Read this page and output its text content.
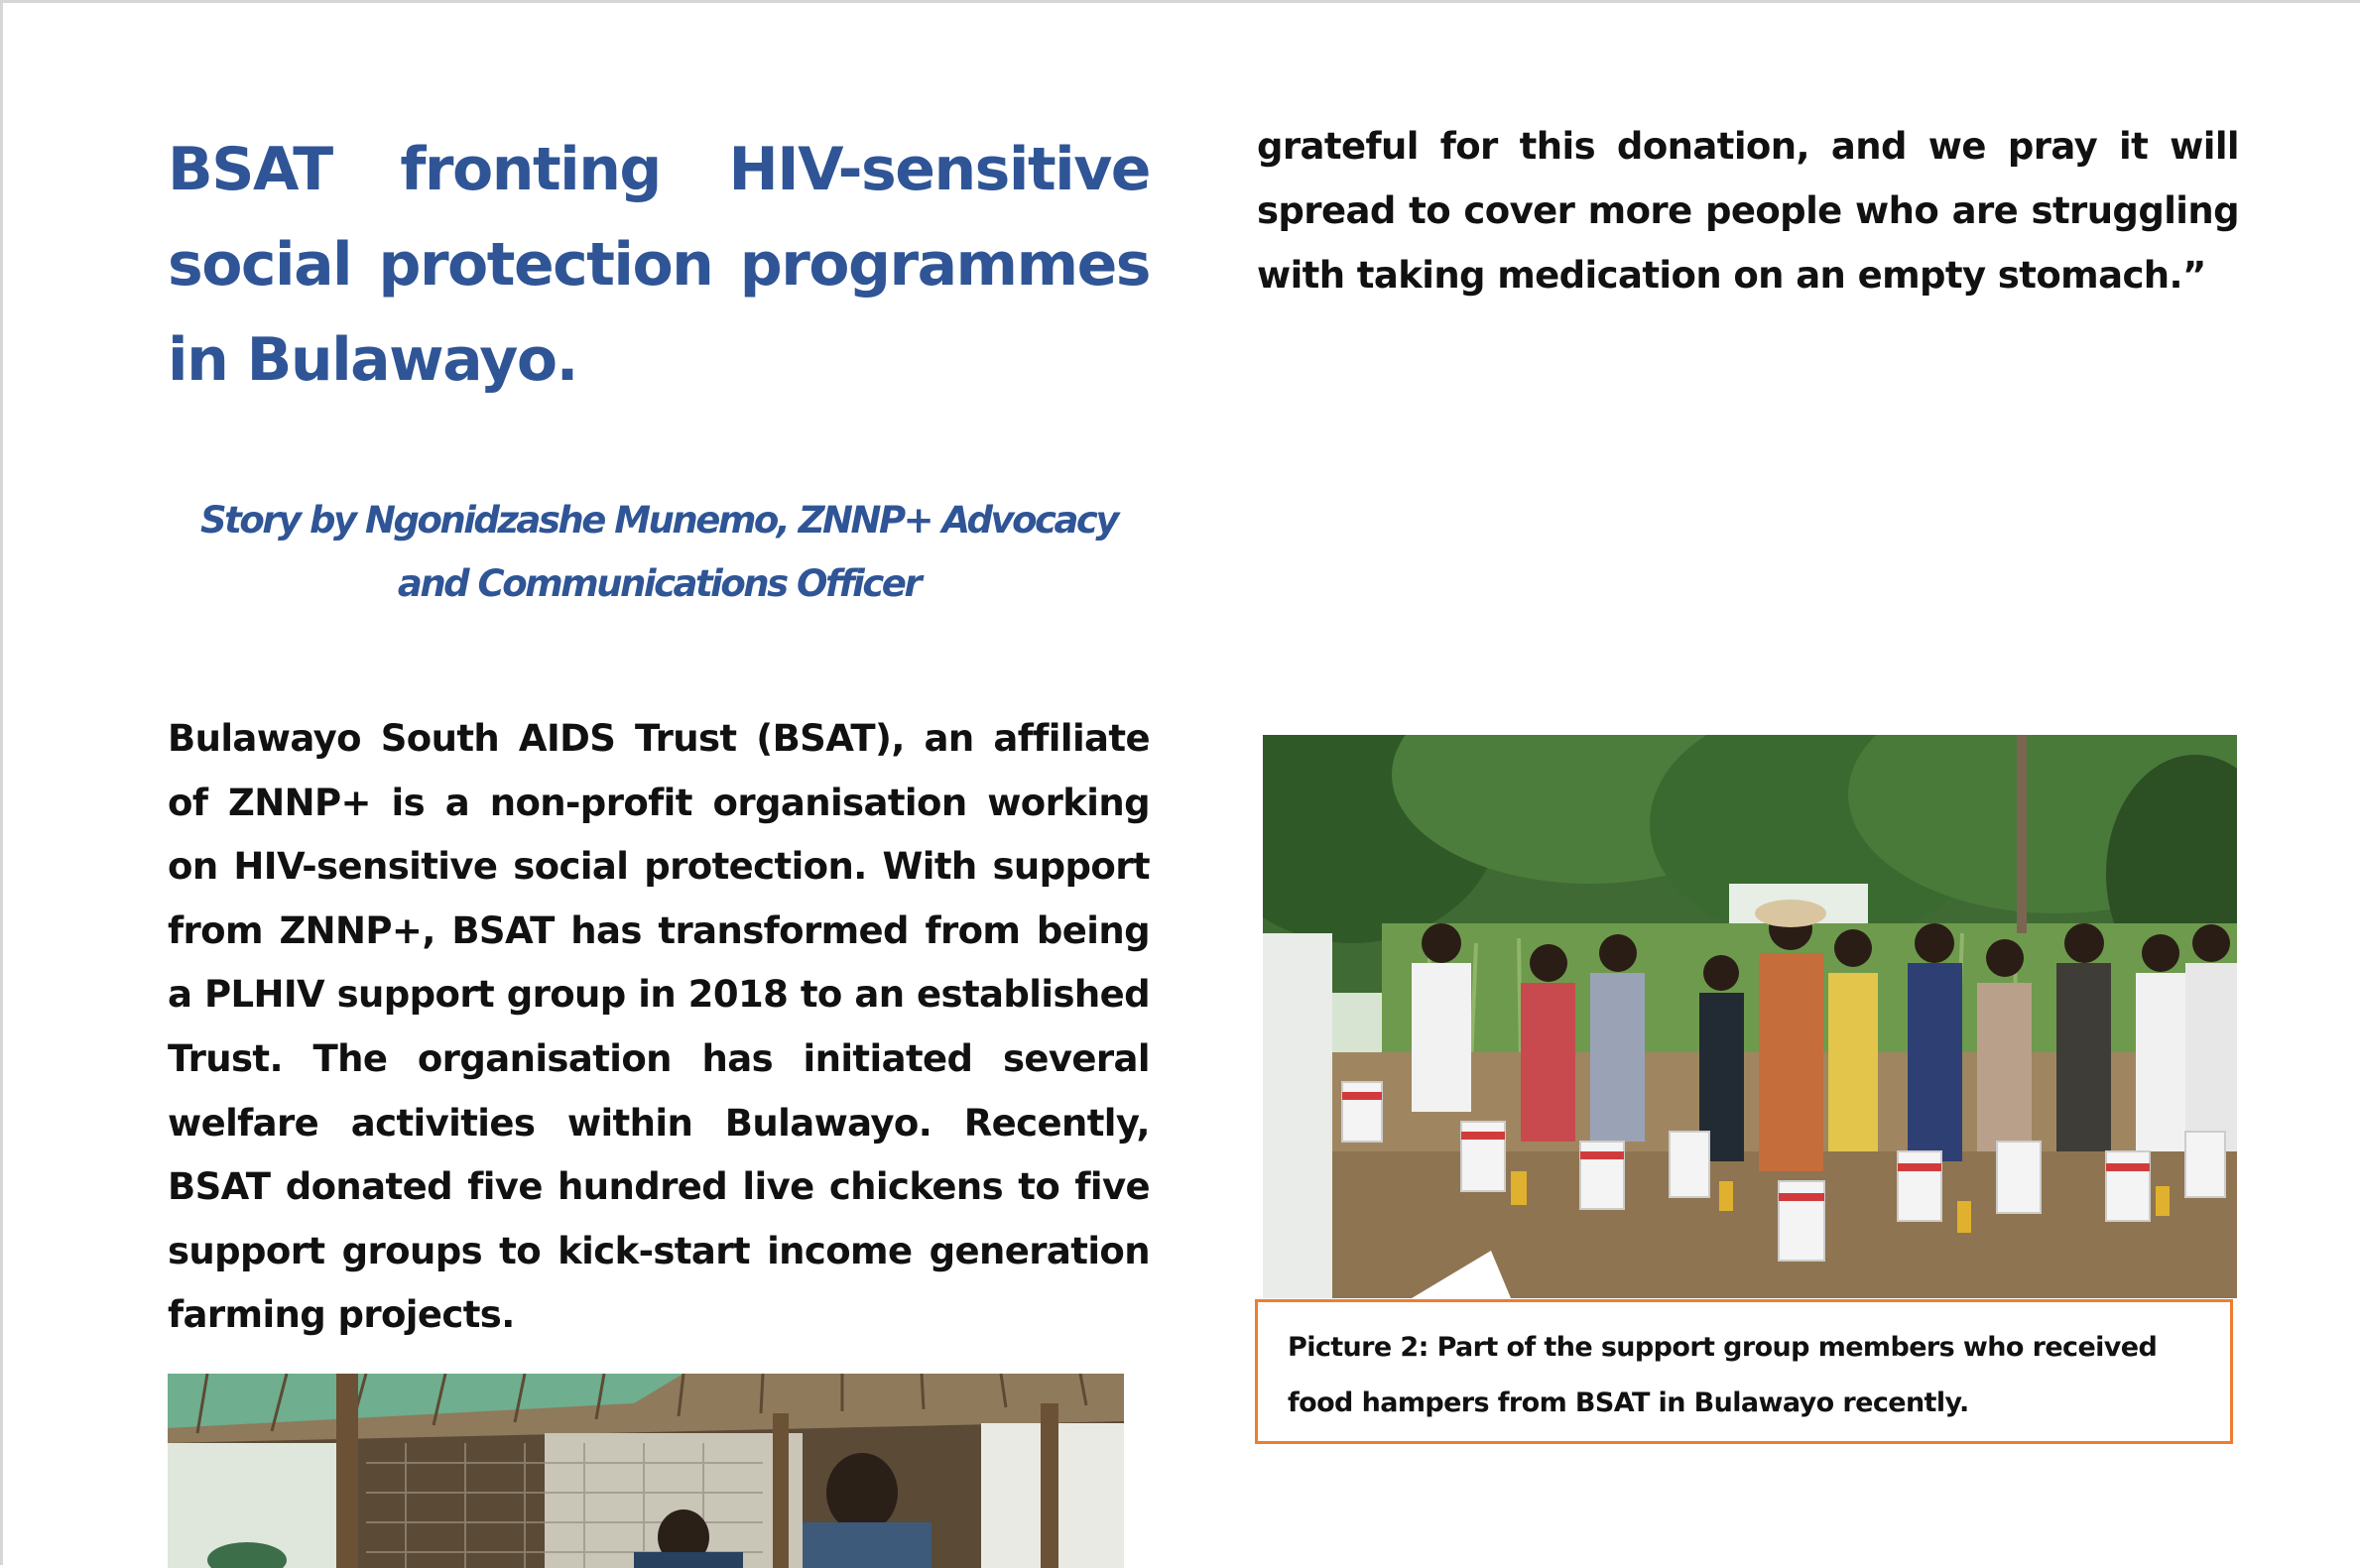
BSAT fronting HIV-sensitive social protection programmes in Bulawayo.
Story by Ngonidzashe Munemo, ZNNP+ Advocacy
and Communications Officer

Bulawayo South AIDS Trust (BSAT), an affiliate of ZNNP+ is a non-profit organisation working on HIV-sensitive social protection. With support from ZNNP+, BSAT has transformed from being a PLHIV support group in 2018 to an established Trust. The organisation has initiated several welfare activities within Bulawayo. Recently, BSAT donated five hundred live chickens to five support groups to kick-start income generation farming projects.

grateful for this donation, and we pray it will spread to cover more people who are struggling with taking medication on an empty stomach.”

Picture 2: Part of the support group members who received food hampers from BSAT in Bulawayo recently.
